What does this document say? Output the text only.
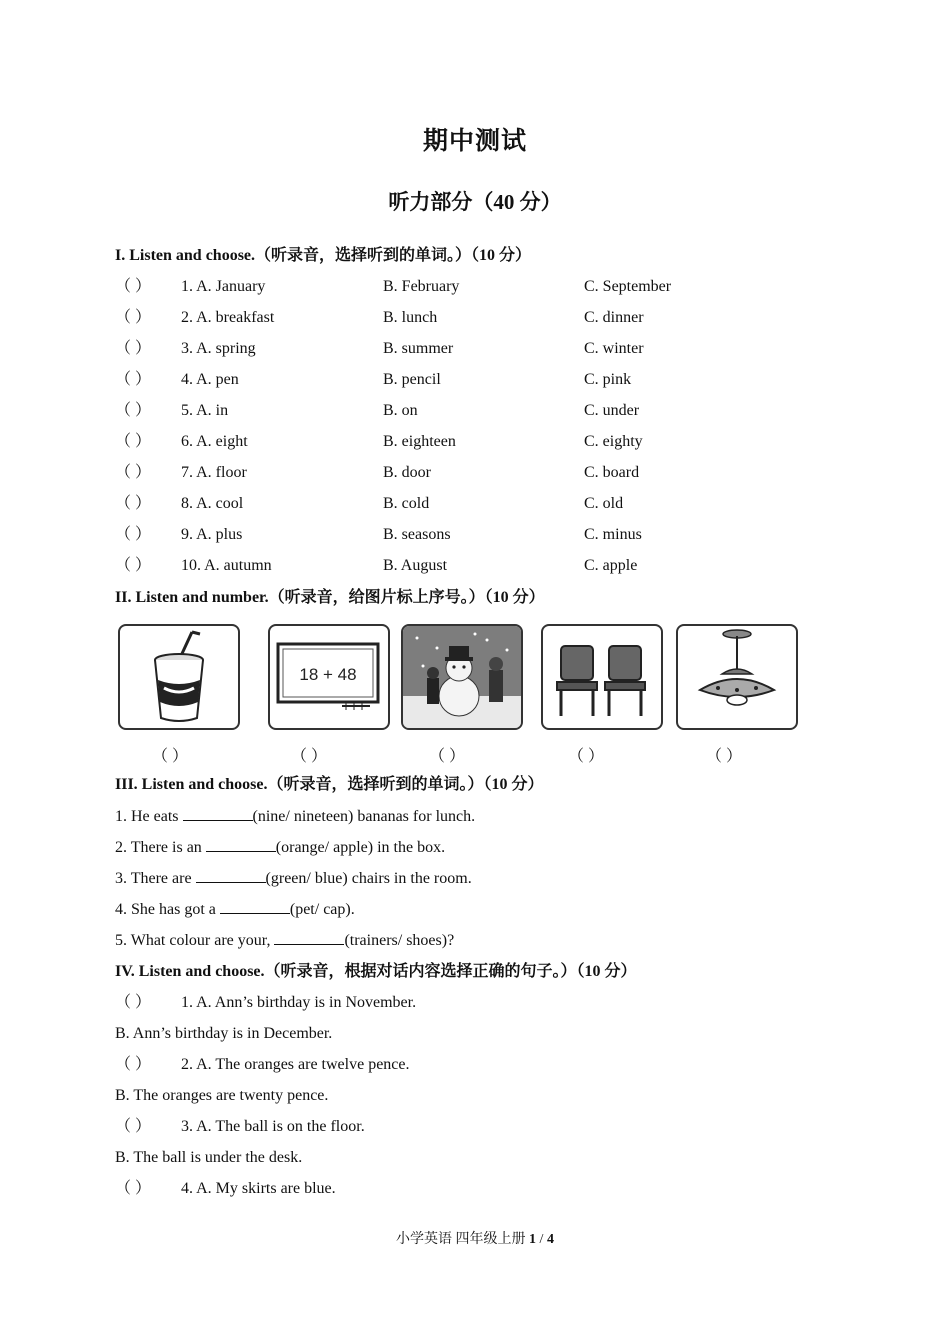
期中测试
听力部分（40 分）
I. Listen and choose.（听录音，选择听到的单词。）（10 分）
（ ） 1. A. January	B. February	C. September
（ ） 2. A. breakfast	B. lunch	C. dinner
（ ） 3. A. spring	B. summer	C. winter
（ ） 4. A. pen	B. pencil	C. pink
（ ） 5. A. in	B. on	C. under
（ ） 6. A. eight	B. eighteen	C. eighty
（ ） 7. A. floor	B. door	C. board
（ ） 8. A. cool	B. cold	C. old
（ ） 9. A. plus	B. seasons	C. minus
（ ） 10. A. autumn	B. August	C. apple
II. Listen and number.（听录音，给图片标上序号。）（10 分）
18 + 48
（ ）	（ ）	（ ）	（ ）	（ ）
III. Listen and choose.（听录音，选择听到的单词。）（10 分）
1. He eats	(nine/ nineteen) bananas for lunch.
2. There is an	(orange/ apple) in the box.
3. There are	(green/ blue) chairs in the room.
4. She has got a	(pet/ cap).
5. What colour are your,	(trainers/ shoes)?
IV. Listen and choose.（听录音，根据对话内容选择正确的句子。）（10 分）
（ ） 1. A. Ann’s birthday is in November.
B. Ann’s birthday is in December.
（ ） 2. A. The oranges are twelve pence.
B. The oranges are twenty pence.
（ ） 3. A. The ball is on the floor.
B. The ball is under the desk.
（ ） 4. A. My skirts are blue.
小学英语 四年级上册 1 / 4
